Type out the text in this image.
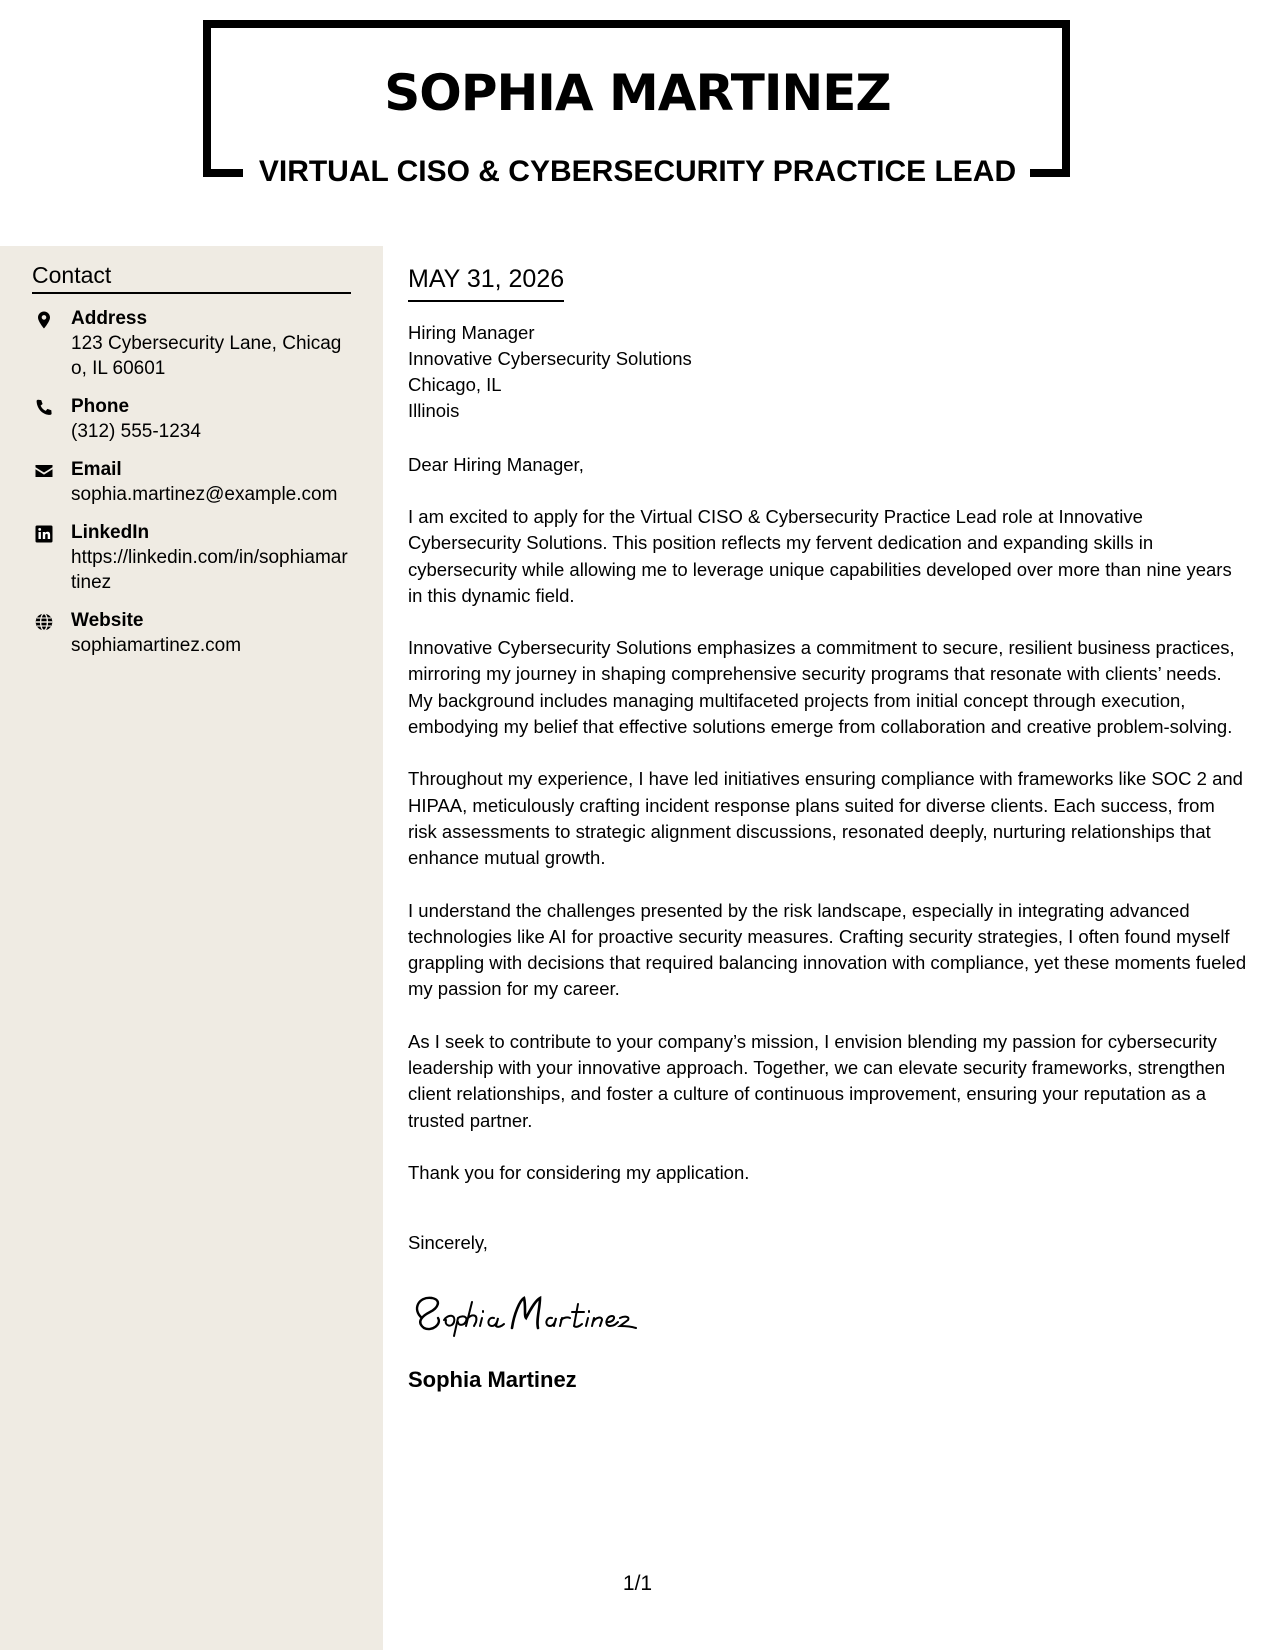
SOPHIA MARTINEZ
VIRTUAL CISO & CYBERSECURITY PRACTICE LEAD
Contact
Address
123 Cybersecurity Lane, Chicago, IL 60601
Phone
(312) 555-1234
Email
sophia.martinez@example.com
LinkedIn
https://linkedin.com/in/sophiamartinez
Website
sophiamartinez.com
MAY 31, 2026
Hiring Manager
Innovative Cybersecurity Solutions
Chicago, IL
Illinois
Dear Hiring Manager,
I am excited to apply for the Virtual CISO & Cybersecurity Practice Lead role at Innovative Cybersecurity Solutions. This position reflects my fervent dedication and expanding skills in cybersecurity while allowing me to leverage unique capabilities developed over more than nine years in this dynamic field.
Innovative Cybersecurity Solutions emphasizes a commitment to secure, resilient business practices, mirroring my journey in shaping comprehensive security programs that resonate with clients’ needs. My background includes managing multifaceted projects from initial concept through execution, embodying my belief that effective solutions emerge from collaboration and creative problem-solving.
Throughout my experience, I have led initiatives ensuring compliance with frameworks like SOC 2 and HIPAA, meticulously crafting incident response plans suited for diverse clients. Each success, from risk assessments to strategic alignment discussions, resonated deeply, nurturing relationships that enhance mutual growth.
I understand the challenges presented by the risk landscape, especially in integrating advanced technologies like AI for proactive security measures. Crafting security strategies, I often found myself grappling with decisions that required balancing innovation with compliance, yet these moments fueled my passion for my career.
As I seek to contribute to your company’s mission, I envision blending my passion for cybersecurity leadership with your innovative approach. Together, we can elevate security frameworks, strengthen client relationships, and foster a culture of continuous improvement, ensuring your reputation as a trusted partner.
Thank you for considering my application.
Sincerely,
Sophia Martinez
1/1
